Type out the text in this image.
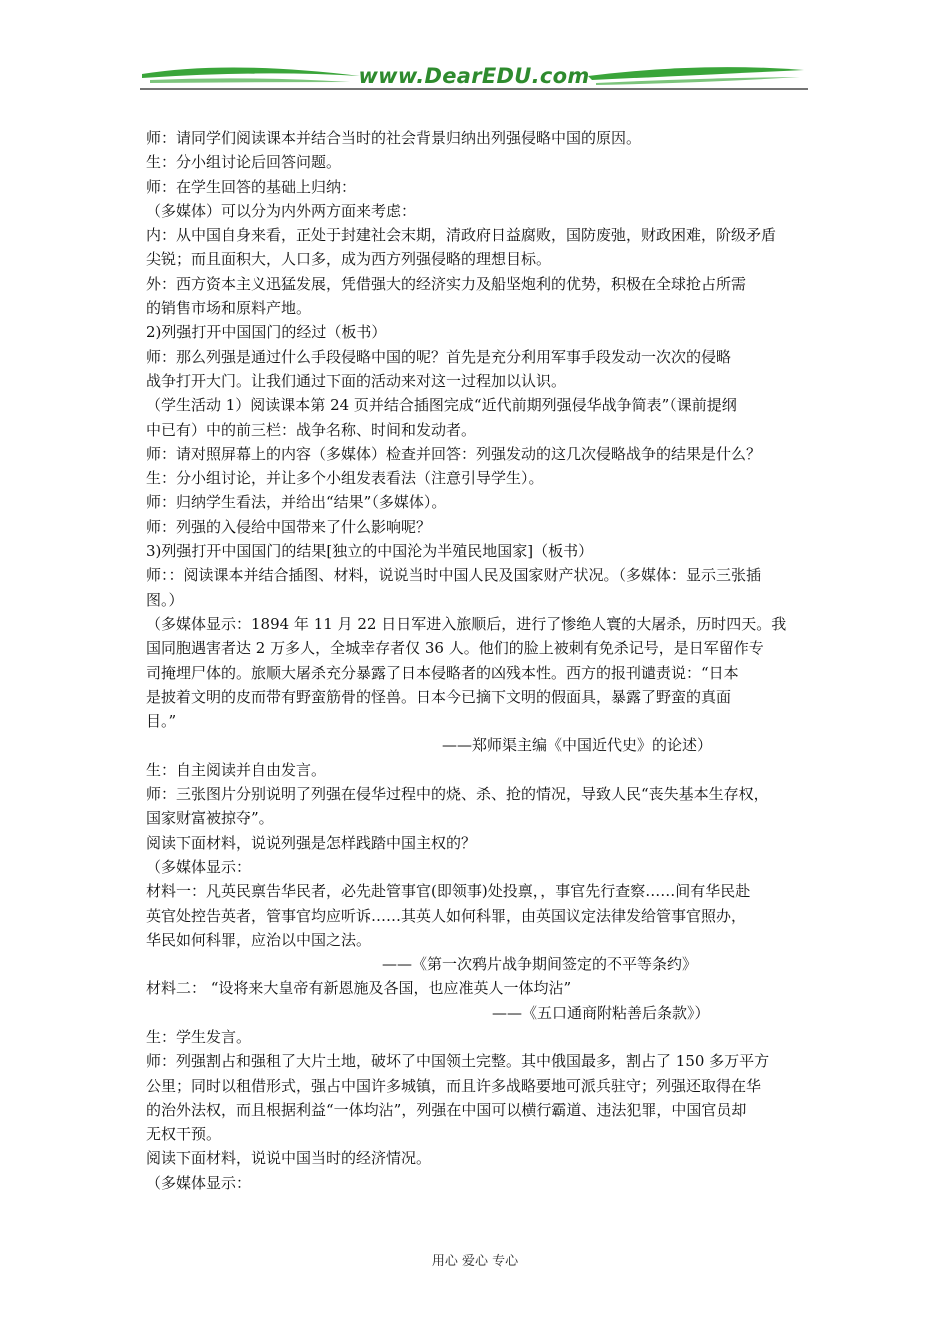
www.DearEDU.com

师：请同学们阅读课本并结合当时的社会背景归纳出列强侵略中国的原因。

生：分小组讨论后回答问题。

师：在学生回答的基础上归纳：

（多媒体）可以分为内外两方面来考虑：

内：从中国自身来看，正处于封建社会末期，清政府日益腐败，国防废弛，财政困难，阶级矛盾

尖锐；而且面积大，人口多，成为西方列强侵略的理想目标。

外：西方资本主义迅猛发展，凭借强大的经济实力及船坚炮利的优势，积极在全球抢占所需

的销售市场和原料产地。

2)列强打开中国国门的经过（板书）

师：那么列强是通过什么手段侵略中国的呢？首先是充分利用军事手段发动一次次的侵略

战争打开大门。让我们通过下面的活动来对这一过程加以认识。

（学生活动 1）阅读课本第 24 页并结合插图完成“近代前期列强侵华战争简表”（课前提纲

中已有）中的前三栏：战争名称、时间和发动者。

师：请对照屏幕上的内容（多媒体）检查并回答：列强发动的这几次侵略战争的结果是什么？

生：分小组讨论，并让多个小组发表看法（注意引导学生）。

师：归纳学生看法，并给出“结果”（多媒体）。

师：列强的入侵给中国带来了什么影响呢？

3)列强打开中国国门的结果[独立的中国沦为半殖民地国家]（板书）

师：：阅读课本并结合插图、材料，说说当时中国人民及国家财产状况。（多媒体：显示三张插

图。）

（多媒体显示：1894 年 11 月 22 日日军进入旅顺后，进行了惨绝人寰的大屠杀，历时四天。我

国同胞遇害者达 2 万多人，全城幸存者仅 36 人。他们的脸上被刺有免杀记号，是日军留作专

司掩埋尸体的。旅顺大屠杀充分暴露了日本侵略者的凶残本性。西方的报刊谴责说：“日本

是披着文明的皮而带有野蛮筋骨的怪兽。日本今已摘下文明的假面具，暴露了野蛮的真面

目。”

——郑师渠主编《中国近代史》的论述）

生：自主阅读并自由发言。

师：三张图片分别说明了列强在侵华过程中的烧、杀、抢的情况，导致人民“丧失基本生存权，

国家财富被掠夺”。

阅读下面材料，说说列强是怎样践踏中国主权的？

（多媒体显示：

材料一：凡英民禀告华民者，必先赴管事官(即领事)处投禀，，事官先行查察……间有华民赴

英官处控告英者，管事官均应听诉……其英人如何科罪，由英国议定法律发给管事官照办，

华民如何科罪，应治以中国之法。

——《第一次鸦片战争期间签定的不平等条约》

材料二： “设将来大皇帝有新恩施及各国，也应准英人一体均沾”

——《五口通商附粘善后条款》）

生：学生发言。

师：列强割占和强租了大片土地，破坏了中国领土完整。其中俄国最多，割占了 150 多万平方

公里；同时以租借形式，强占中国许多城镇，而且许多战略要地可派兵驻守；列强还取得在华

的治外法权，而且根据利益“一体均沾”，列强在中国可以横行霸道、违法犯罪，中国官员却

无权干预。

阅读下面材料，说说中国当时的经济情况。

（多媒体显示：

用心 爱心 专心
